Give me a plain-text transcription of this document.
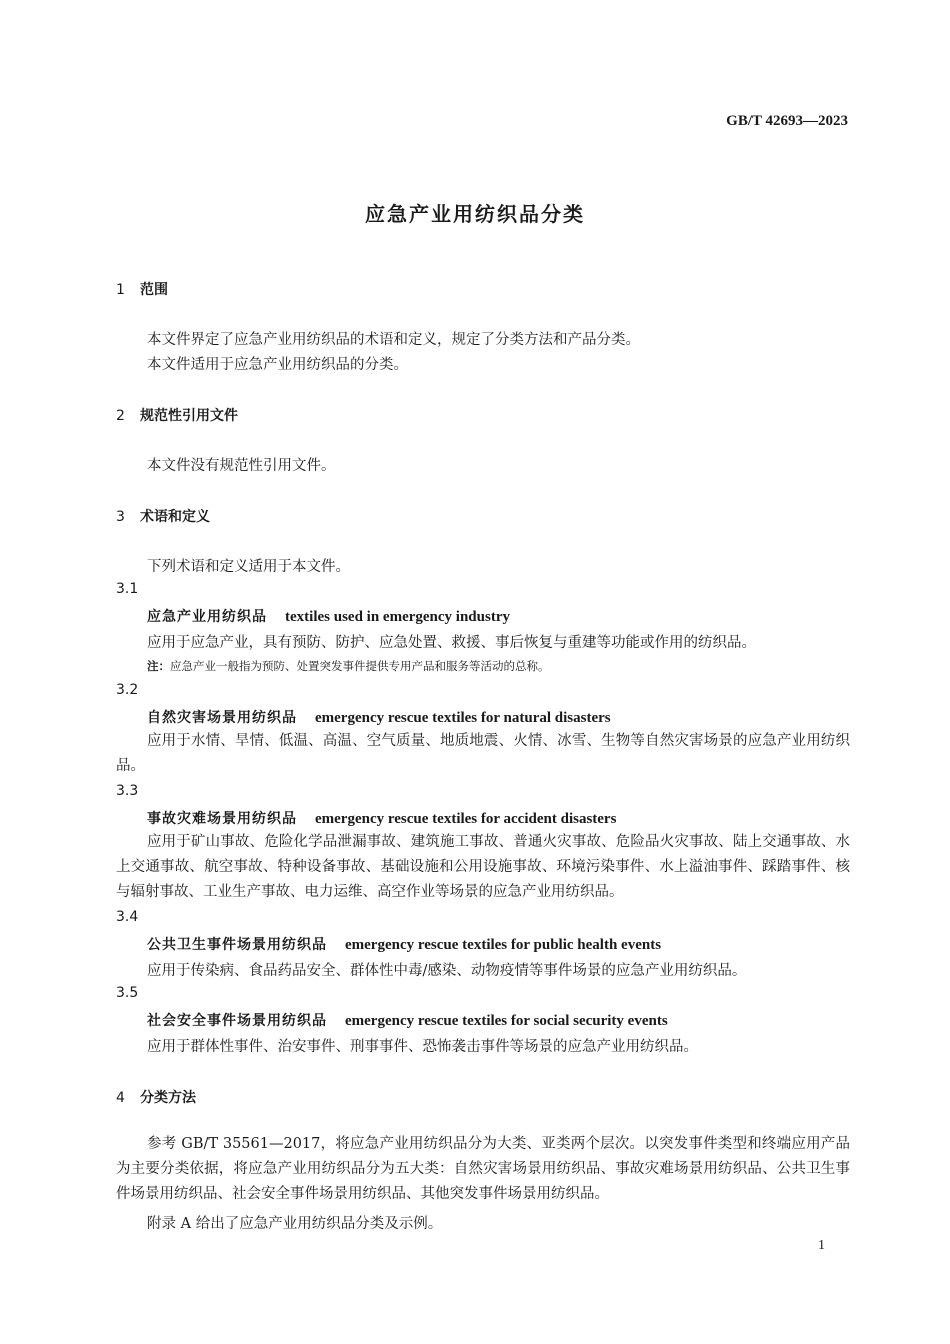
GB/T 42693—2023
应急产业用纺织品分类
1 范围
本文件界定了应急产业用纺织品的术语和定义，规定了分类方法和产品分类。
本文件适用于应急产业用纺织品的分类。
2 规范性引用文件
本文件没有规范性引用文件。
3 术语和定义
下列术语和定义适用于本文件。
3.1
应急产业用纺织品 textiles used in emergency industry
应用于应急产业，具有预防、防护、应急处置、救援、事后恢复与重建等功能或作用的纺织品。
注：应急产业一般指为预防、处置突发事件提供专用产品和服务等活动的总称。
3.2
自然灾害场景用纺织品 emergency rescue textiles for natural disasters
应用于水情、旱情、低温、高温、空气质量、地质地震、火情、冰雪、生物等自然灾害场景的应急产业用纺织品。
3.3
事故灾难场景用纺织品 emergency rescue textiles for accident disasters
应用于矿山事故、危险化学品泄漏事故、建筑施工事故、普通火灾事故、危险品火灾事故、陆上交通事故、水上交通事故、航空事故、特种设备事故、基础设施和公用设施事故、环境污染事件、水上溢油事件、踩踏事件、核与辐射事故、工业生产事故、电力运维、高空作业等场景的应急产业用纺织品。
3.4
公共卫生事件场景用纺织品 emergency rescue textiles for public health events
应用于传染病、食品药品安全、群体性中毒/感染、动物疫情等事件场景的应急产业用纺织品。
3.5
社会安全事件场景用纺织品 emergency rescue textiles for social security events
应用于群体性事件、治安事件、刑事事件、恐怖袭击事件等场景的应急产业用纺织品。
4 分类方法
参考 GB/T 35561—2017，将应急产业用纺织品分为大类、亚类两个层次。以突发事件类型和终端应用产品为主要分类依据，将应急产业用纺织品分为五大类：自然灾害场景用纺织品、事故灾难场景用纺织品、公共卫生事件场景用纺织品、社会安全事件场景用纺织品、其他突发事件场景用纺织品。
附录 A 给出了应急产业用纺织品分类及示例。
1
